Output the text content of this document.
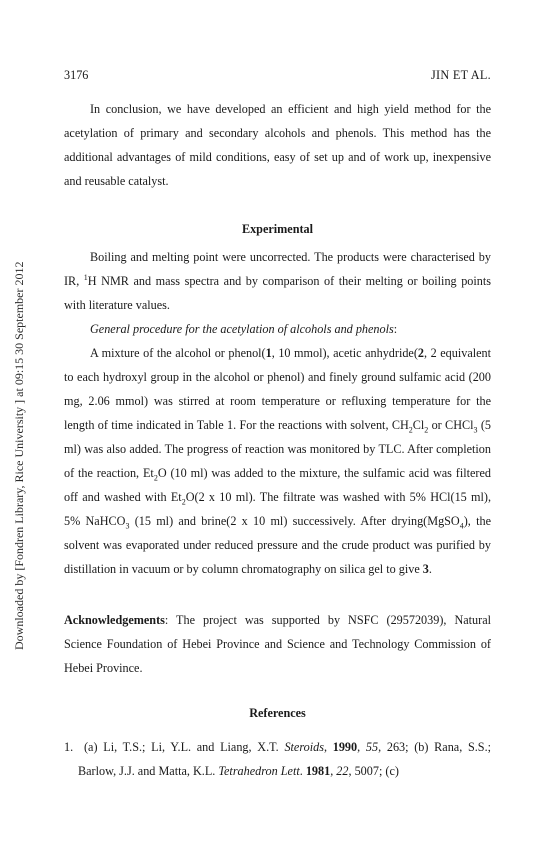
3176	JIN ET AL.
Downloaded by [Fondren Library, Rice University ] at 09:15 30 September 2012

In conclusion, we have developed an efficient and high yield method for the acetylation of primary and secondary alcohols and phenols. This method has the additional advantages of mild conditions, easy of set up and of work up, inexpensive and reusable catalyst.

Experimental

Boiling and melting point were uncorrected. The products were characterised by IR, $^1$H NMR and mass spectra and by comparison of their melting or boiling points with literature values.

General procedure for the acetylation of alcohols and phenols:

A mixture of the alcohol or phenol(1, 10 mmol), acetic anhydride(2, 2 equivalent to each hydroxyl group in the alcohol or phenol) and finely ground sulfamic acid (200 mg, 2.06 mmol) was stirred at room temperature or refluxing temperature for the length of time indicated in Table 1. For the reactions with solvent, $CH_2Cl_2$ or CHCl$_3$ (5 ml) was also added. The progress of reaction was monitored by TLC. After completion of the reaction, $Et_2O$ (10 ml) was added to the mixture, the sulfamic acid was filtered off and washed with $Et_2O(2$ x 10 ml). The filtrate was washed with 5% HCl(15 ml), 5% NaHCO$_3$ (15 ml) and brine(2 x 10 ml) successively. After drying(MgSO$_4$), the solvent was evaporated under reduced pressure and the crude product was purified by distillation in vacuum or by column chromatography on silica gel to give 3.

Acknowledgements: The project was supported by NSFC (29572039), Natural Science Foundation of Hebei Province and Science and Technology Commission of Hebei Province.

References

1. (a) Li, T.S.; Li, Y.L. and Liang, X.T. Steroids, 1990, 55, 263; (b) Rana, S.S.; Barlow, J.J. and Matta, K.L. Tetrahedron Lett. 1981, 22, 5007; (c)
